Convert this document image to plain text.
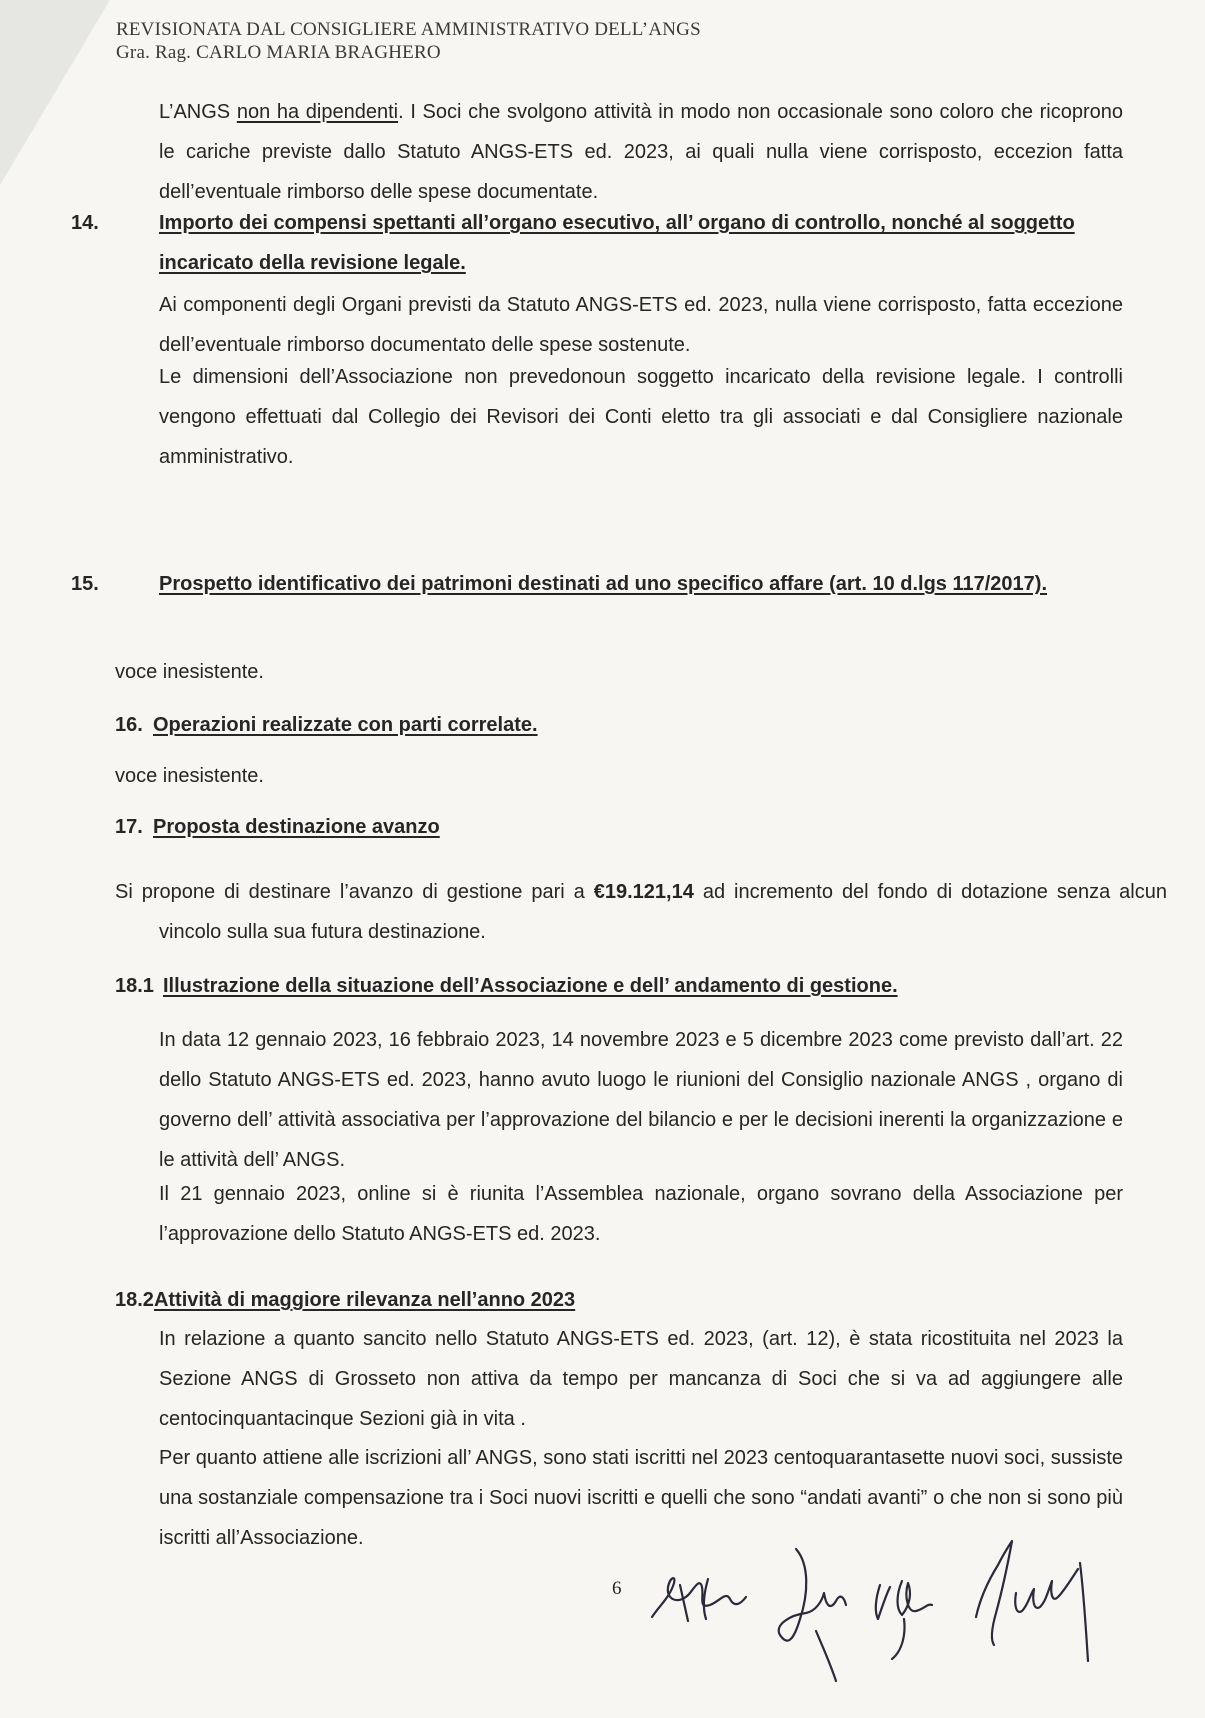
REVISIONATA DAL CONSIGLIERE AMMINISTRATIVO DELL’ANGS
Gra. Rag. CARLO MARIA BRAGHERO

L’ANGS non ha dipendenti. I Soci che svolgono attività in modo non occasionale sono coloro che ricoprono le cariche previste dallo Statuto ANGS-ETS ed. 2023, ai quali nulla viene corrisposto, eccezion fatta dell’eventuale rimborso delle spese documentate.

14.	Importo dei compensi spettanti all’organo esecutivo, all’ organo di controllo, nonché al soggetto incaricato della revisione legale.

Ai componenti degli Organi previsti da Statuto ANGS-ETS ed. 2023, nulla viene corrisposto, fatta eccezione dell’eventuale rimborso documentato delle spese sostenute.

Le dimensioni dell’Associazione non prevedonoun soggetto incaricato della revisione legale. I controlli vengono effettuati dal Collegio dei Revisori dei Conti eletto tra gli associati e dal Consigliere nazionale amministrativo.

15.	Prospetto identificativo dei patrimoni destinati ad uno specifico affare (art. 10 d.lgs 117/2017).

voce inesistente.

16. Operazioni realizzate con parti correlate.

voce inesistente.

17. Proposta destinazione avanzo

Si propone di destinare l’avanzo di gestione pari a €19.121,14 ad incremento del fondo di dotazione senza alcun vincolo sulla sua futura destinazione.

18.1 Illustrazione della situazione dell’Associazione e dell’ andamento di gestione.

In data 12 gennaio 2023, 16 febbraio 2023, 14 novembre 2023 e 5 dicembre 2023 come previsto dall’art. 22 dello Statuto ANGS-ETS ed. 2023, hanno avuto luogo le riunioni del Consiglio nazionale ANGS , organo di governo dell’ attività associativa per l’approvazione del bilancio e per le decisioni inerenti la organizzazione e le attività dell’ ANGS.

Il 21 gennaio 2023, online si è riunita l’Assemblea nazionale, organo sovrano della Associazione per l’approvazione dello Statuto ANGS-ETS ed. 2023.

18.2Attività di maggiore rilevanza nell’anno 2023

In relazione a quanto sancito nello Statuto ANGS-ETS ed. 2023, (art. 12), è stata ricostituita nel 2023 la Sezione ANGS di Grosseto non attiva da tempo per mancanza di Soci che si va ad aggiungere alle centocinquantacinque Sezioni già in vita .

Per quanto attiene alle iscrizioni all’ ANGS, sono stati iscritti nel 2023 centoquarantasette nuovi soci, sussiste una sostanziale compensazione tra i Soci nuovi iscritti e quelli che sono “andati avanti” o che non si sono più iscritti all’Associazione.

6
